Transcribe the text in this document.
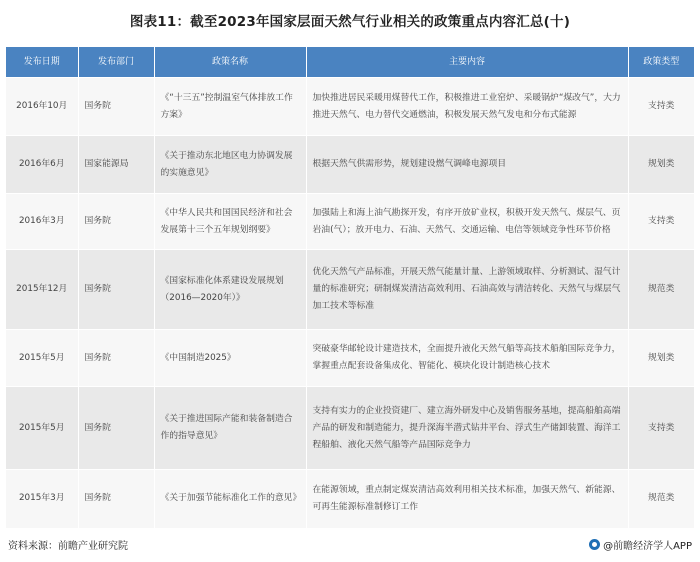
图表11：截至2023年国家层面天然气行业相关的政策重点内容汇总(十)
发布日期	发布部门	政策名称	主要内容	政策类型
2016年10月	国务院	《“十三五”控制温室气体排放工作方案》	加快推进居民采暖用煤替代工作，积极推进工业窑炉、采暖锅炉“煤改气”，大力推进天然气、电力替代交通燃油，积极发展天然气发电和分布式能源	支持类
2016年6月	国家能源局	《关于推动东北地区电力协调发展的实施意见》	根据天然气供需形势，规划建设燃气调峰电源项目	规划类
2016年3月	国务院	《中华人民共和国国民经济和社会发展第十三个五年规划纲要》	加强陆上和海上油气勘探开发，有序开放矿业权，积极开发天然气、煤层气、页岩油(气）；放开电力、石油、天然气、交通运输、电信等领域竞争性环节价格	支持类
2015年12月	国务院	《国家标准化体系建设发展规划（2016—2020年）》	优化天然气产品标准，开展天然气能量计量、上游领域取样、分析测试、湿气计量的标准研究；研制煤炭清洁高效利用、石油高效与清洁转化、天然气与煤层气加工技术等标准	规范类
2015年5月	国务院	《中国制造2025》	突破豪华邮轮设计建造技术，全面提升液化天然气船等高技术船舶国际竞争力，掌握重点配套设备集成化、智能化、模块化设计制造核心技术	规划类
2015年5月	国务院	《关于推进国际产能和装备制造合作的指导意见》	支持有实力的企业投资建厂、建立海外研发中心及销售服务基地，提高船舶高端产品的研发和制造能力，提升深海半潜式钻井平台、浮式生产储卸装置、海洋工程船舶、液化天然气船等产品国际竞争力	支持类
2015年3月	国务院	《关于加强节能标准化工作的意见》	在能源领域，重点制定煤炭清洁高效利用相关技术标准，加强天然气、新能源、可再生能源标准制修订工作	规范类
资料来源：前瞻产业研究院	@前瞻经济学人APP
